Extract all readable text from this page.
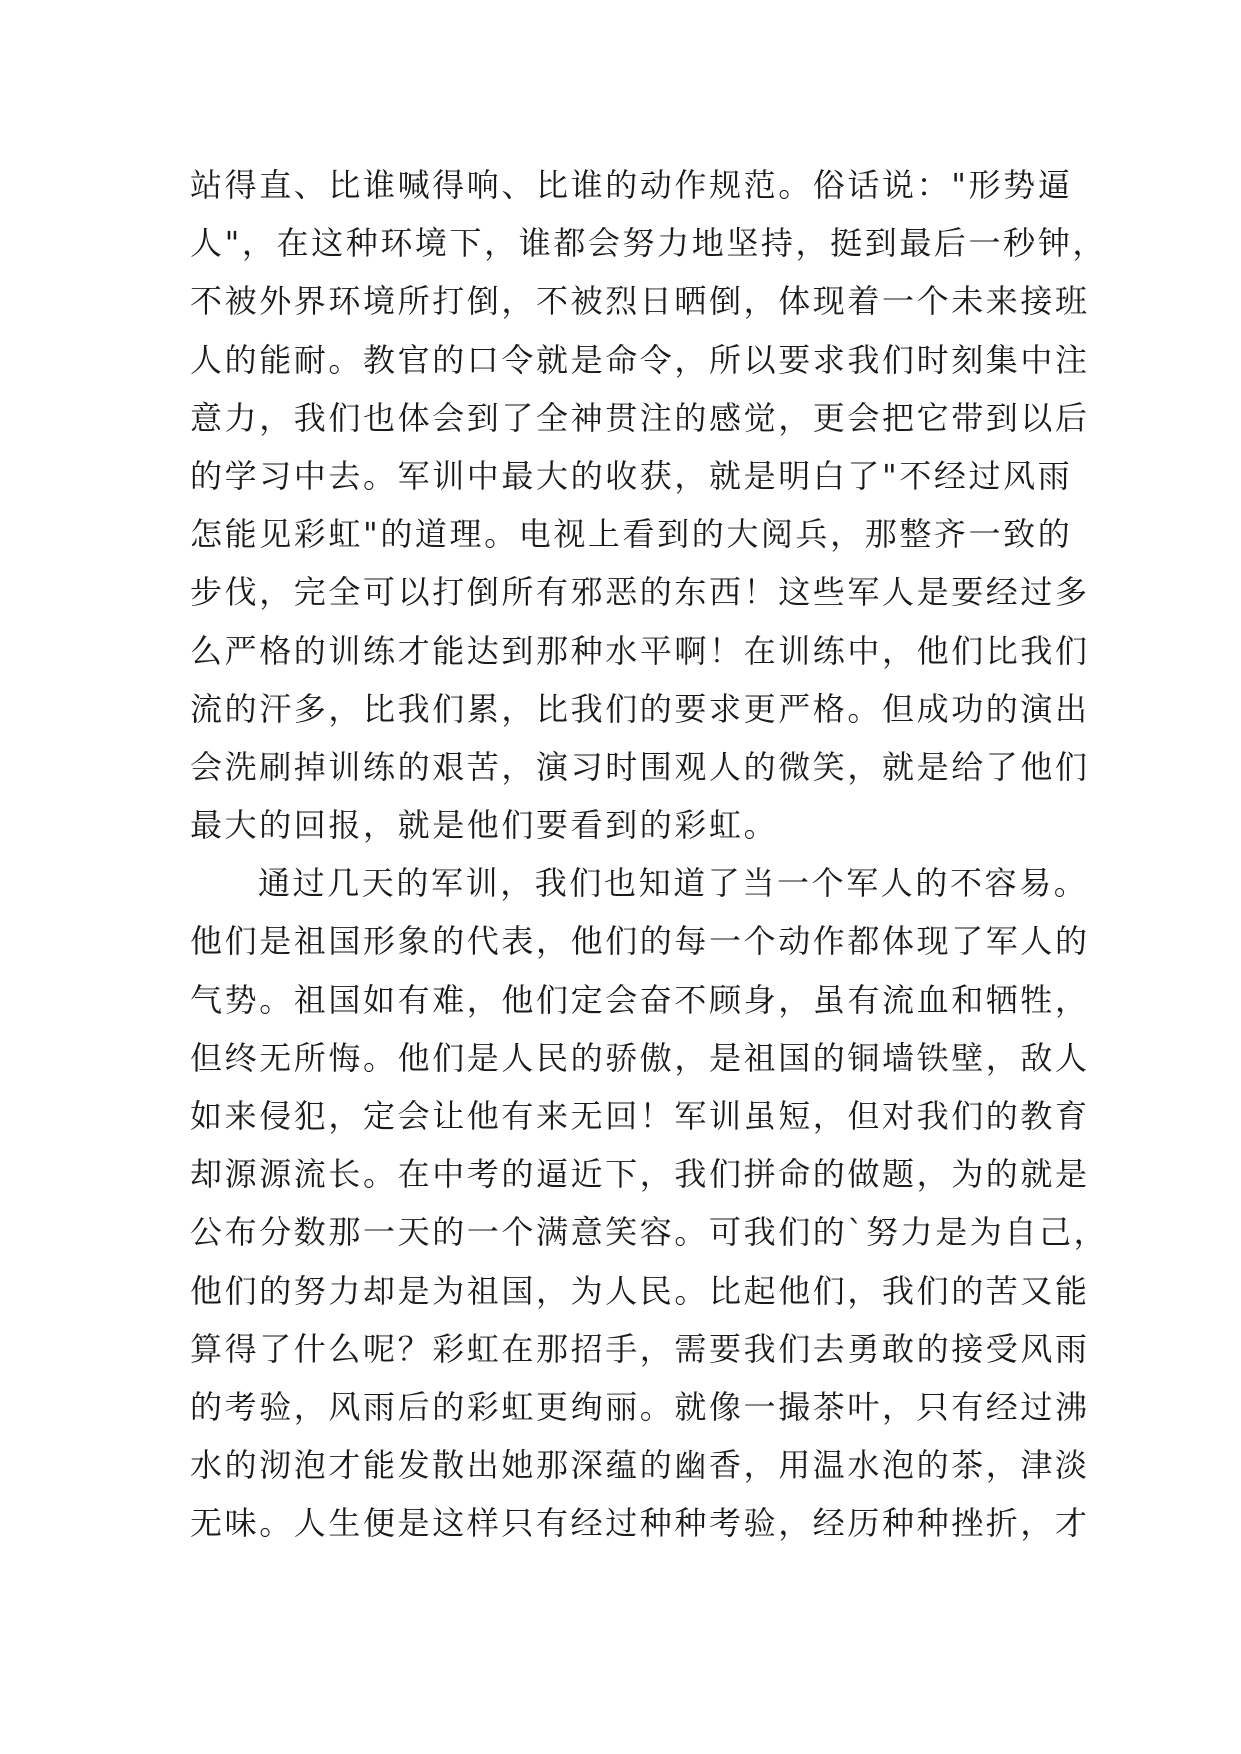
站得直、比谁喊得响、比谁的动作规范。俗话说："形势逼
人"，在这种环境下，谁都会努力地坚持，挺到最后一秒钟，
不被外界环境所打倒，不被烈日晒倒，体现着一个未来接班
人的能耐。教官的口令就是命令，所以要求我们时刻集中注
意力，我们也体会到了全神贯注的感觉，更会把它带到以后
的学习中去。军训中最大的收获，就是明白了"不经过风雨
怎能见彩虹"的道理。电视上看到的大阅兵，那整齐一致的
步伐，完全可以打倒所有邪恶的东西！这些军人是要经过多
么严格的训练才能达到那种水平啊！在训练中，他们比我们
流的汗多，比我们累，比我们的要求更严格。但成功的演出
会洗刷掉训练的艰苦，演习时围观人的微笑，就是给了他们
最大的回报，就是他们要看到的彩虹。
通过几天的军训，我们也知道了当一个军人的不容易。
他们是祖国形象的代表，他们的每一个动作都体现了军人的
气势。祖国如有难，他们定会奋不顾身，虽有流血和牺牲，
但终无所悔。他们是人民的骄傲，是祖国的铜墙铁壁，敌人
如来侵犯，定会让他有来无回！军训虽短，但对我们的教育
却源源流长。在中考的逼近下，我们拼命的做题，为的就是
公布分数那一天的一个满意笑容。可我们的`努力是为自己，
他们的努力却是为祖国，为人民。比起他们，我们的苦又能
算得了什么呢？彩虹在那招手，需要我们去勇敢的接受风雨
的考验，风雨后的彩虹更绚丽。就像一撮茶叶，只有经过沸
水的沏泡才能发散出她那深蕴的幽香，用温水泡的茶，津淡
无味。人生便是这样只有经过种种考验，经历种种挫折，才
